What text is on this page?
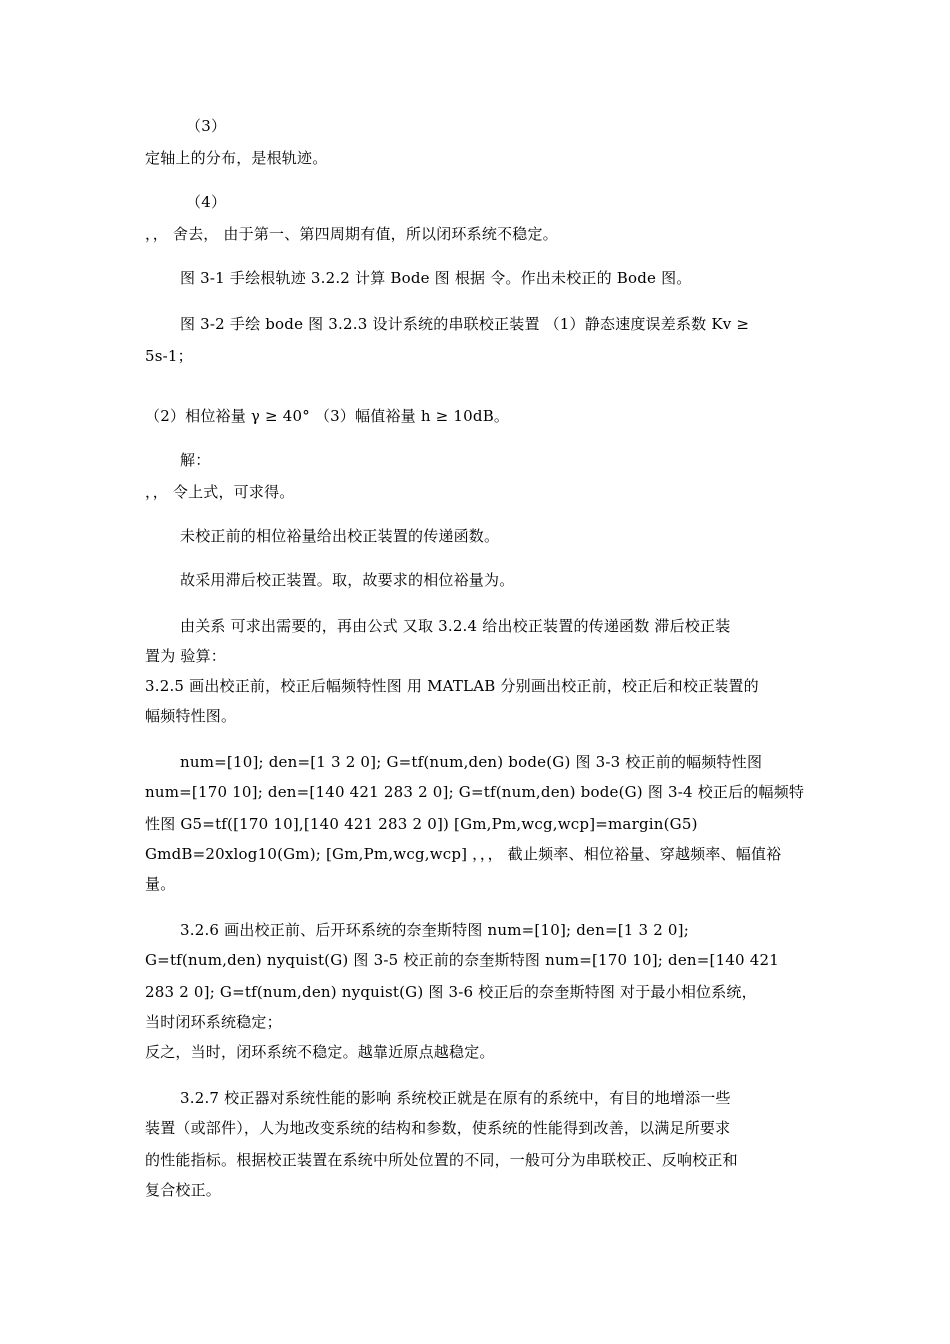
（3）
定轴上的分布，是根轨迹。
（4）
，， 舍去， 由于第一、第四周期有值，所以闭环系统不稳定。
图 3-1 手绘根轨迹 3.2.2 计算 Bode 图 根据 令。作出未校正的 Bode 图。
图 3-2 手绘 bode 图 3.2.3 设计系统的串联校正装置 （1）静态速度误差系数 Kv ≥
5s-1；
（2）相位裕量 γ ≥ 40° （3）幅值裕量 h ≥ 10dB。
解：
，， 令上式，可求得。
未校正前的相位裕量给出校正装置的传递函数。
故采用滞后校正装置。取，故要求的相位裕量为。
由关系 可求出需要的，再由公式 又取 3.2.4 给出校正装置的传递函数 滞后校正装
置为 验算：
3.2.5 画出校正前，校正后幅频特性图 用 MATLAB 分别画出校正前，校正后和校正装置的
幅频特性图。
num=[10]; den=[1 3 2 0]; G=tf(num,den) bode(G) 图 3-3 校正前的幅频特性图
num=[170 10]; den=[140 421 283 2 0]; G=tf(num,den) bode(G) 图 3-4 校正后的幅频特
性图 G5=tf([170 10],[140 421 283 2 0]) [Gm,Pm,wcg,wcp]=margin(G5)
GmdB=20xlog10(Gm); [Gm,Pm,wcg,wcp] ，，， 截止频率、相位裕量、穿越频率、幅值裕
量。
3.2.6 画出校正前、后开环系统的奈奎斯特图 num=[10]; den=[1 3 2 0];
G=tf(num,den) nyquist(G) 图 3-5 校正前的奈奎斯特图 num=[170 10]; den=[140 421
283 2 0]; G=tf(num,den) nyquist(G) 图 3-6 校正后的奈奎斯特图 对于最小相位系统，
当时闭环系统稳定；
反之，当时，闭环系统不稳定。越靠近原点越稳定。
3.2.7 校正器对系统性能的影响 系统校正就是在原有的系统中，有目的地增添一些
装置（或部件），人为地改变系统的结构和参数，使系统的性能得到改善，以满足所要求
的性能指标。根据校正装置在系统中所处位置的不同，一般可分为串联校正、反响校正和
复合校正。
